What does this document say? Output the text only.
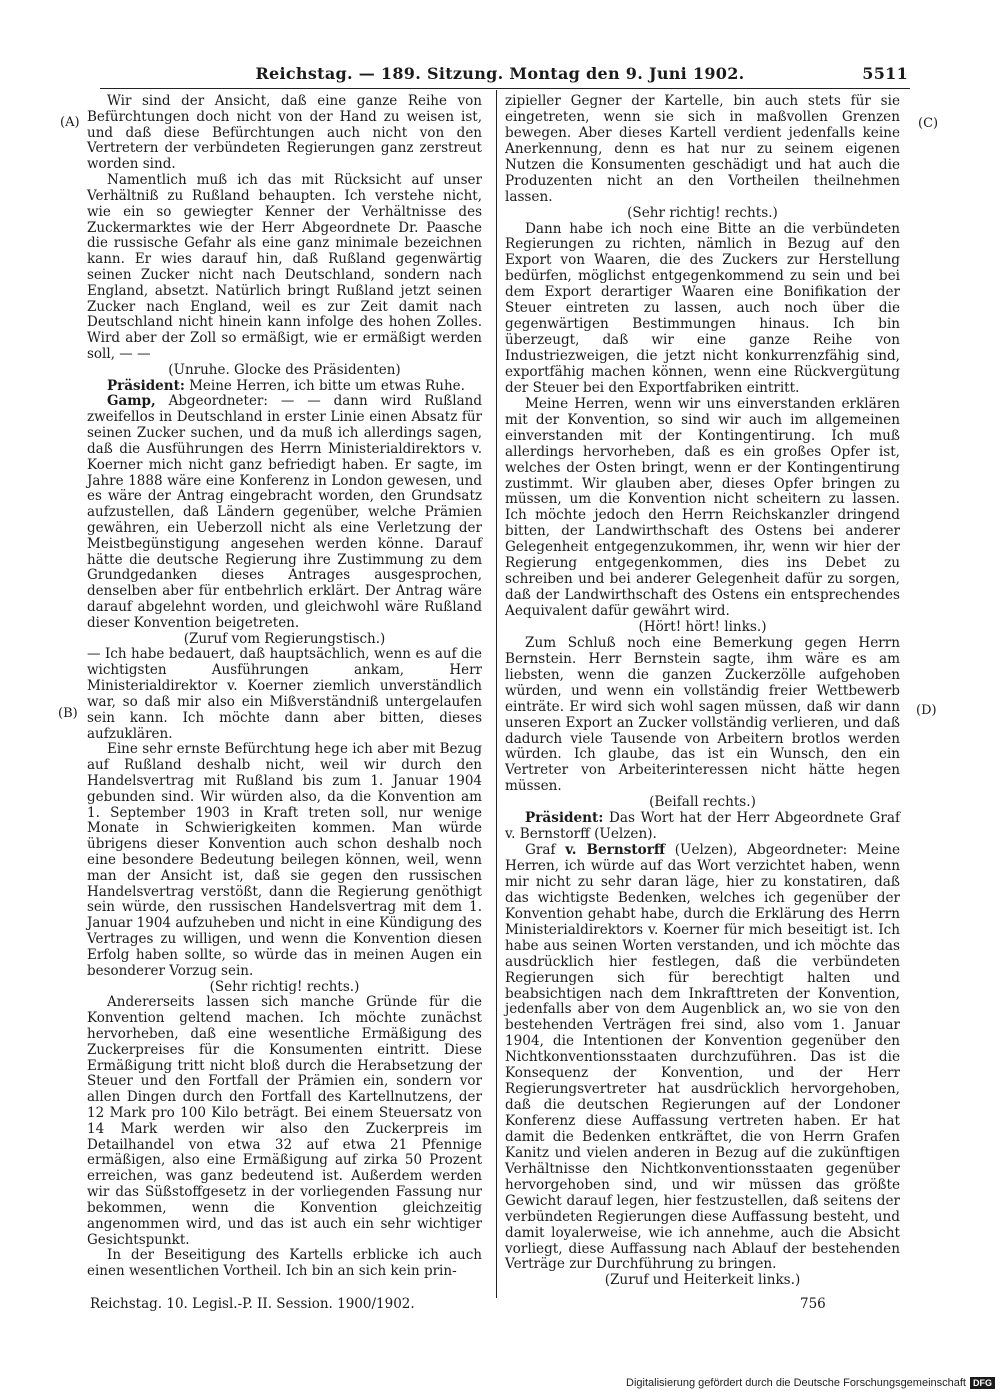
Reichstag. — 189. Sitzung. Montag den 9. Juni 1902.	5511
(A)
(B)
(C)
(D)

Wir sind der Ansicht, daß eine ganze Reihe von Befürchtungen doch nicht von der Hand zu weisen ist, und daß diese Befürchtungen auch nicht von den Vertretern der verbündeten Regierungen ganz zerstreut worden sind.

Namentlich muß ich das mit Rücksicht auf unser Verhältniß zu Rußland behaupten. Ich verstehe nicht, wie ein so gewiegter Kenner der Verhältnisse des Zuckermarktes wie der Herr Abgeordnete Dr. Paasche die russische Gefahr als eine ganz minimale bezeichnen kann. Er wies darauf hin, daß Rußland gegenwärtig seinen Zucker nicht nach Deutschland, sondern nach England, absetzt. Natürlich bringt Rußland jetzt seinen Zucker nach England, weil es zur Zeit damit nach Deutschland nicht hinein kann infolge des hohen Zolles. Wird aber der Zoll so ermäßigt, wie er ermäßigt werden soll, — —

(Unruhe. Glocke des Präsidenten)

Präsident: Meine Herren, ich bitte um etwas Ruhe.

Gamp, Abgeordneter: — — dann wird Rußland zweifellos in Deutschland in erster Linie einen Absatz für seinen Zucker suchen, und da muß ich allerdings sagen, daß die Ausführungen des Herrn Ministerialdirektors v. Koerner mich nicht ganz befriedigt haben. Er sagte, im Jahre 1888 wäre eine Konferenz in London gewesen, und es wäre der Antrag eingebracht worden, den Grundsatz aufzustellen, daß Ländern gegenüber, welche Prämien gewähren, ein Ueberzoll nicht als eine Verletzung der Meistbegünstigung angesehen werden könne. Darauf hätte die deutsche Regierung ihre Zustimmung zu dem Grundgedanken dieses Antrages ausgesprochen, denselben aber für entbehrlich erklärt. Der Antrag wäre darauf abgelehnt worden, und gleichwohl wäre Rußland dieser Konvention beigetreten.

(Zuruf vom Regierungstisch.)

— Ich habe bedauert, daß hauptsächlich, wenn es auf die wichtigsten Ausführungen ankam, Herr Ministerialdirektor v. Koerner ziemlich unverständlich war, so daß mir also ein Mißverständniß untergelaufen sein kann. Ich möchte dann aber bitten, dieses aufzuklären.

Eine sehr ernste Befürchtung hege ich aber mit Bezug auf Rußland deshalb nicht, weil wir durch den Handelsvertrag mit Rußland bis zum 1. Januar 1904 gebunden sind. Wir würden also, da die Konvention am 1. September 1903 in Kraft treten soll, nur wenige Monate in Schwierigkeiten kommen. Man würde übrigens dieser Konvention auch schon deshalb noch eine besondere Bedeutung beilegen können, weil, wenn man der Ansicht ist, daß sie gegen den russischen Handelsvertrag verstößt, dann die Regierung genöthigt sein würde, den russischen Handelsvertrag mit dem 1. Januar 1904 aufzuheben und nicht in eine Kündigung des Vertrages zu willigen, und wenn die Konvention diesen Erfolg haben sollte, so würde das in meinen Augen ein besonderer Vorzug sein.

(Sehr richtig! rechts.)

Andererseits lassen sich manche Gründe für die Konvention geltend machen. Ich möchte zunächst hervorheben, daß eine wesentliche Ermäßigung des Zuckerpreises für die Konsumenten eintritt. Diese Ermäßigung tritt nicht bloß durch die Herabsetzung der Steuer und den Fortfall der Prämien ein, sondern vor allen Dingen durch den Fortfall des Kartellnutzens, der 12 Mark pro 100 Kilo beträgt. Bei einem Steuersatz von 14 Mark werden wir also den Zuckerpreis im Detailhandel von etwa 32 auf etwa 21 Pfennige ermäßigen, also eine Ermäßigung auf zirka 50 Prozent erreichen, was ganz bedeutend ist. Außerdem werden wir das Süßstoffgesetz in der vorliegenden Fassung nur bekommen, wenn die Konvention gleichzeitig angenommen wird, und das ist auch ein sehr wichtiger Gesichtspunkt.

In der Beseitigung des Kartells erblicke ich auch einen wesentlichen Vortheil. Ich bin an sich kein prin-

zipieller Gegner der Kartelle, bin auch stets für sie eingetreten, wenn sie sich in maßvollen Grenzen bewegen. Aber dieses Kartell verdient jedenfalls keine Anerkennung, denn es hat nur zu seinem eigenen Nutzen die Konsumenten geschädigt und hat auch die Produzenten nicht an den Vortheilen theilnehmen lassen.

(Sehr richtig! rechts.)

Dann habe ich noch eine Bitte an die verbündeten Regierungen zu richten, nämlich in Bezug auf den Export von Waaren, die des Zuckers zur Herstellung bedürfen, möglichst entgegenkommend zu sein und bei dem Export derartiger Waaren eine Bonifikation der Steuer eintreten zu lassen, auch noch über die gegenwärtigen Bestimmungen hinaus. Ich bin überzeugt, daß wir eine ganze Reihe von Industriezweigen, die jetzt nicht konkurrenzfähig sind, exportfähig machen können, wenn eine Rückvergütung der Steuer bei den Exportfabriken eintritt.

Meine Herren, wenn wir uns einverstanden erklären mit der Konvention, so sind wir auch im allgemeinen einverstanden mit der Kontingentirung. Ich muß allerdings hervorheben, daß es ein großes Opfer ist, welches der Osten bringt, wenn er der Kontingentirung zustimmt. Wir glauben aber, dieses Opfer bringen zu müssen, um die Konvention nicht scheitern zu lassen. Ich möchte jedoch den Herrn Reichskanzler dringend bitten, der Landwirthschaft des Ostens bei anderer Gelegenheit entgegenzukommen, ihr, wenn wir hier der Regierung entgegenkommen, dies ins Debet zu schreiben und bei anderer Gelegenheit dafür zu sorgen, daß der Landwirthschaft des Ostens ein entsprechendes Aequivalent dafür gewährt wird.

(Hört! hört! links.)

Zum Schluß noch eine Bemerkung gegen Herrn Bernstein. Herr Bernstein sagte, ihm wäre es am liebsten, wenn die ganzen Zuckerzölle aufgehoben würden, und wenn ein vollständig freier Wettbewerb einträte. Er wird sich wohl sagen müssen, daß wir dann unseren Export an Zucker vollständig verlieren, und daß dadurch viele Tausende von Arbeitern brotlos werden würden. Ich glaube, das ist ein Wunsch, den ein Vertreter von Arbeiterinteressen nicht hätte hegen müssen.

(Beifall rechts.)

Präsident: Das Wort hat der Herr Abgeordnete Graf v. Bernstorff (Uelzen).

Graf v. Bernstorff (Uelzen), Abgeordneter: Meine Herren, ich würde auf das Wort verzichtet haben, wenn mir nicht zu sehr daran läge, hier zu konstatiren, daß das wichtigste Bedenken, welches ich gegenüber der Konvention gehabt habe, durch die Erklärung des Herrn Ministerialdirektors v. Koerner für mich beseitigt ist. Ich habe aus seinen Worten verstanden, und ich möchte das ausdrücklich hier festlegen, daß die verbündeten Regierungen sich für berechtigt halten und beabsichtigen nach dem Inkrafttreten der Konvention, jedenfalls aber von dem Augenblick an, wo sie von den bestehenden Verträgen frei sind, also vom 1. Januar 1904, die Intentionen der Konvention gegenüber den Nichtkonventionsstaaten durchzuführen. Das ist die Konsequenz der Konvention, und der Herr Regierungsvertreter hat ausdrücklich hervorgehoben, daß die deutschen Regierungen auf der Londoner Konferenz diese Auffassung vertreten haben. Er hat damit die Bedenken entkräftet, die von Herrn Grafen Kanitz und vielen anderen in Bezug auf die zukünftigen Verhältnisse den Nichtkonventionsstaaten gegenüber hervorgehoben sind, und wir müssen das größte Gewicht darauf legen, hier festzustellen, daß seitens der verbündeten Regierungen diese Auffassung besteht, und damit loyalerweise, wie ich annehme, auch die Absicht vorliegt, diese Auffassung nach Ablauf der bestehenden Verträge zur Durchführung zu bringen.

(Zuruf und Heiterkeit links.)

Reichstag. 10. Legisl.-P. II. Session. 1900/1902.	756
Digitalisierung gefördert durch die Deutsche Forschungsgemeinschaft DFG
